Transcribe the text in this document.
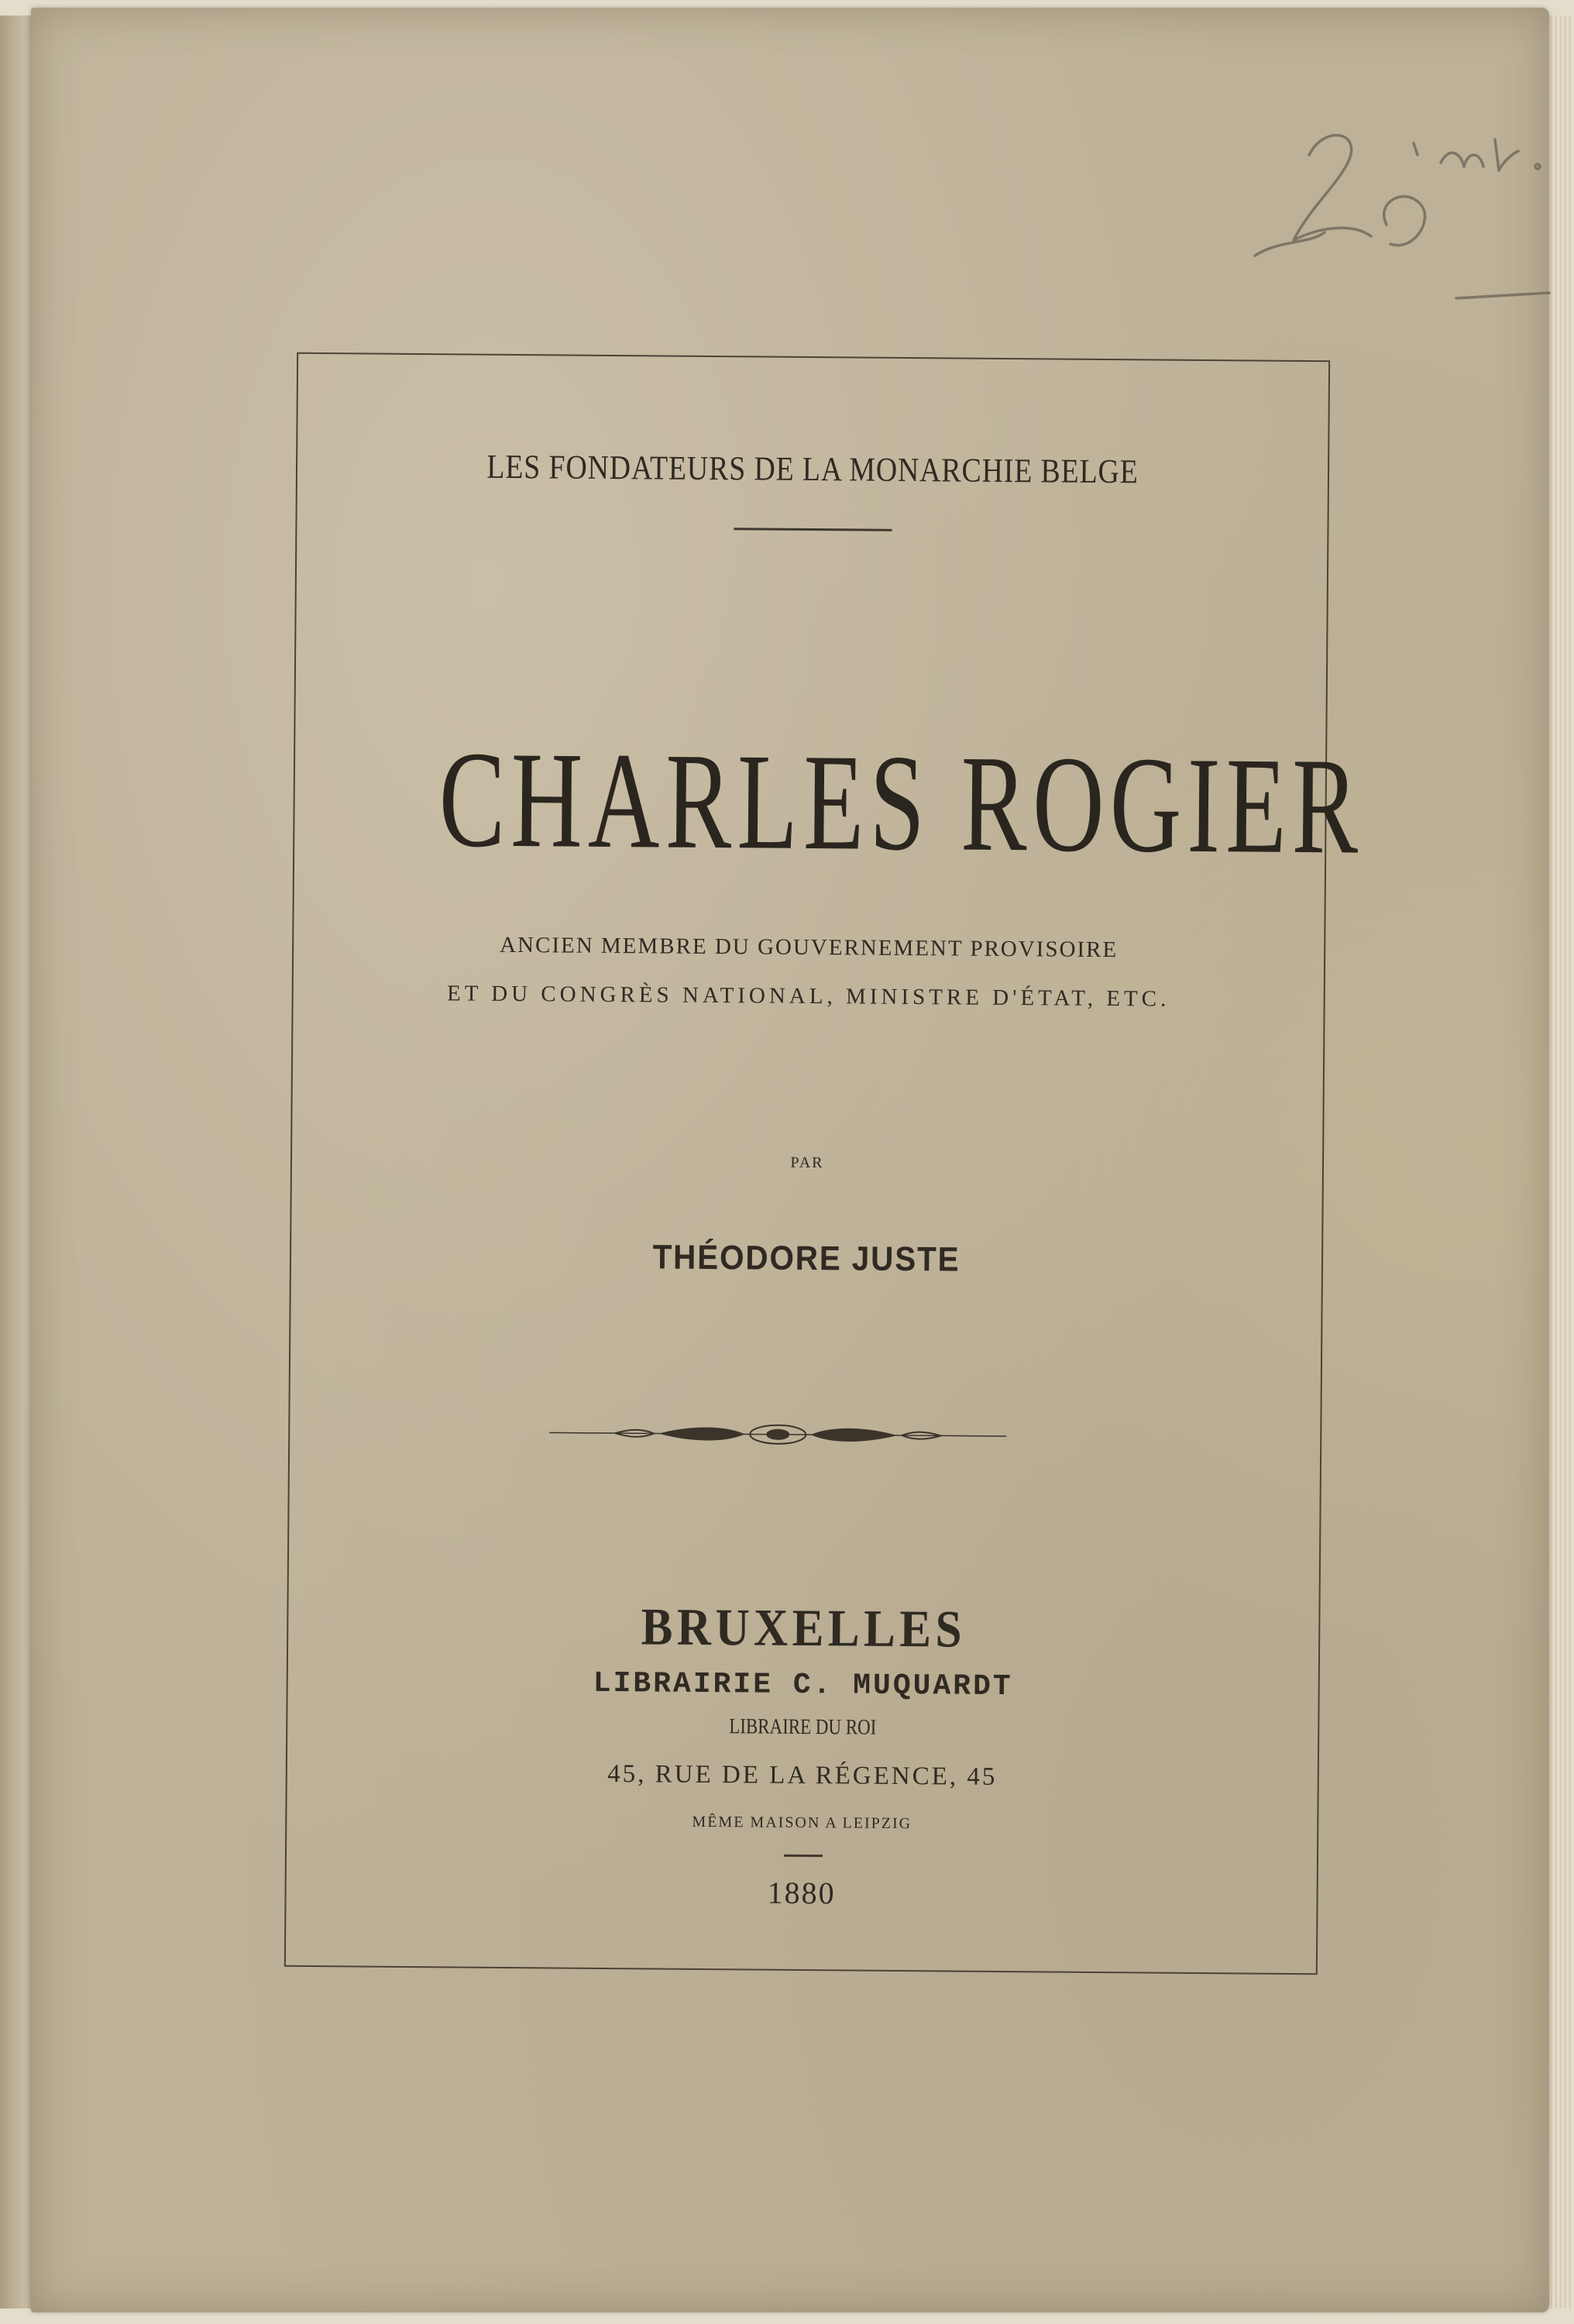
LES FONDATEURS DE LA MONARCHIE BELGE
CHARLES ROGIER
ANCIEN MEMBRE DU GOUVERNEMENT PROVISOIRE
ET DU CONGRÈS NATIONAL, MINISTRE D'ÉTAT, ETC.
PAR
THÉODORE JUSTE
BRUXELLES
LIBRAIRIE C. MUQUARDT
LIBRAIRE DU ROI
45, RUE DE LA RÉGENCE, 45
MÊME MAISON A LEIPZIG
1880
